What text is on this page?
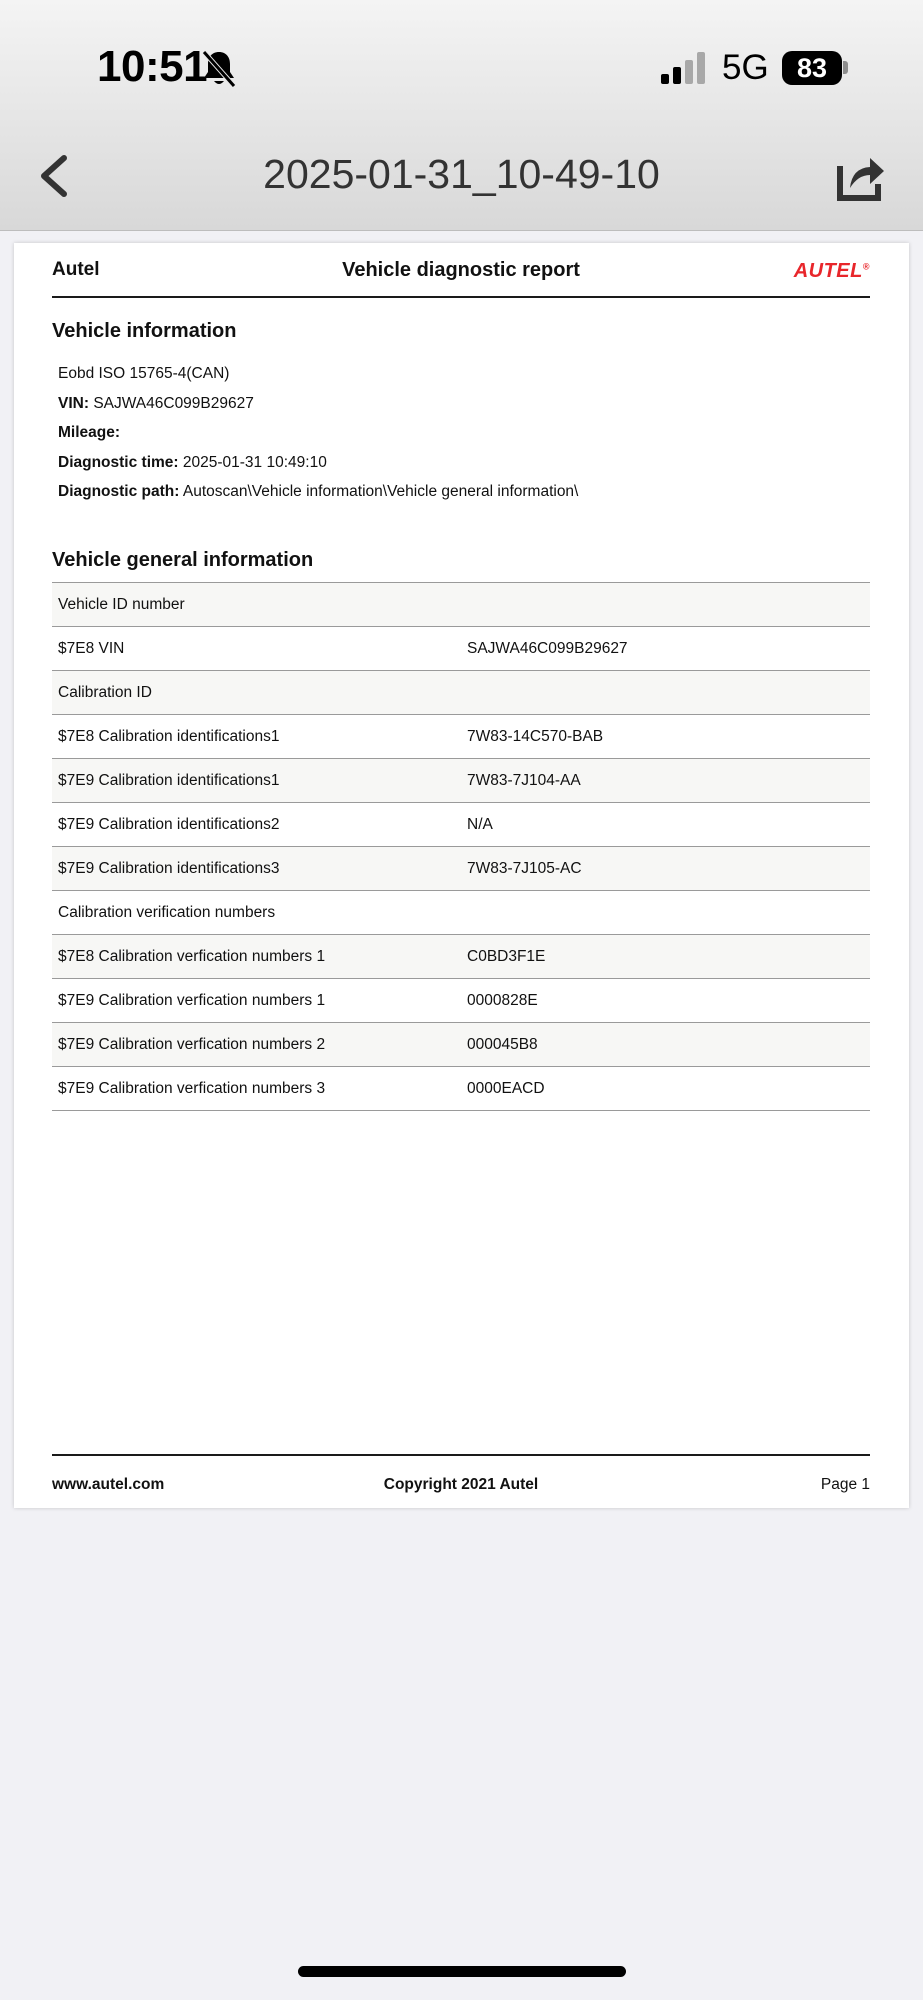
10:51	5G	83
2025-01-31_10-49-10
Autel	Vehicle diagnostic report	AUTEL®
Vehicle information
Eobd ISO 15765-4(CAN)
VIN: SAJWA46C099B29627
Mileage:
Diagnostic time: 2025-01-31 10:49:10
Diagnostic path: Autoscan\Vehicle information\Vehicle general information\
Vehicle general information
Vehicle ID number
$7E8 VIN	SAJWA46C099B29627
Calibration ID
$7E8 Calibration identifications1	7W83-14C570-BAB
$7E9 Calibration identifications1	7W83-7J104-AA
$7E9 Calibration identifications2	N/A
$7E9 Calibration identifications3	7W83-7J105-AC
Calibration verification numbers
$7E8 Calibration verfication numbers 1	C0BD3F1E
$7E9 Calibration verfication numbers 1	0000828E
$7E9 Calibration verfication numbers 2	000045B8
$7E9 Calibration verfication numbers 3	0000EACD
www.autel.com	Copyright 2021 Autel	Page 1
